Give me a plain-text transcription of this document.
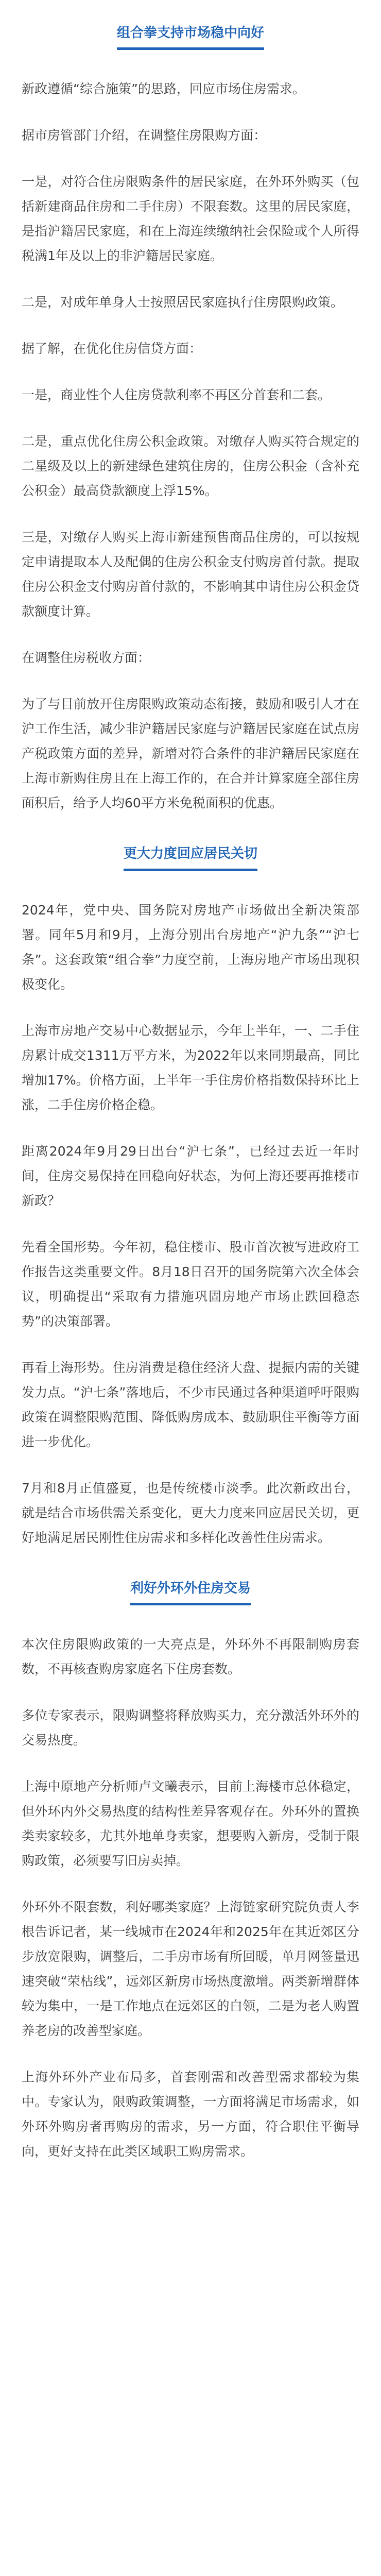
组合拳支持市场稳中向好

新政遵循“综合施策”的思路，回应市场住房需求。

据市房管部门介绍，在调整住房限购方面：

一是，对符合住房限购条件的居民家庭，在外环外购买（包括新建商品住房和二手住房）不限套数。这里的居民家庭，是指沪籍居民家庭，和在上海连续缴纳社会保险或个人所得税满1年及以上的非沪籍居民家庭。

二是，对成年单身人士按照居民家庭执行住房限购政策。

据了解，在优化住房信贷方面：

一是，商业性个人住房贷款利率不再区分首套和二套。

二是，重点优化住房公积金政策。对缴存人购买符合规定的二星级及以上的新建绿色建筑住房的，住房公积金（含补充公积金）最高贷款额度上浮15%。

三是，对缴存人购买上海市新建预售商品住房的，可以按规定申请提取本人及配偶的住房公积金支付购房首付款。提取住房公积金支付购房首付款的，不影响其申请住房公积金贷款额度计算。

在调整住房税收方面：

为了与目前放开住房限购政策动态衔接，鼓励和吸引人才在沪工作生活，减少非沪籍居民家庭与沪籍居民家庭在试点房产税政策方面的差异，新增对符合条件的非沪籍居民家庭在上海市新购住房且在上海工作的，在合并计算家庭全部住房面积后，给予人均60平方米免税面积的优惠。

更大力度回应居民关切

2024年，党中央、国务院对房地产市场做出全新决策部署。同年5月和9月，上海分别出台房地产“沪九条”“沪七条”。这套政策“组合拳”力度空前，上海房地产市场出现积极变化。

上海市房地产交易中心数据显示，今年上半年，一、二手住房累计成交1311万平方米，为2022年以来同期最高，同比增加17%。价格方面，上半年一手住房价格指数保持环比上涨，二手住房价格企稳。

距离2024年9月29日出台“沪七条”，已经过去近一年时间，住房交易保持在回稳向好状态，为何上海还要再推楼市新政？

先看全国形势。今年初，稳住楼市、股市首次被写进政府工作报告这类重要文件。8月18日召开的国务院第六次全体会议，明确提出“采取有力措施巩固房地产市场止跌回稳态势”的决策部署。

再看上海形势。住房消费是稳住经济大盘、提振内需的关键发力点。“沪七条”落地后，不少市民通过各种渠道呼吁限购政策在调整限购范围、降低购房成本、鼓励职住平衡等方面进一步优化。

7月和8月正值盛夏，也是传统楼市淡季。此次新政出台，就是结合市场供需关系变化，更大力度来回应居民关切，更好地满足居民刚性住房需求和多样化改善性住房需求。

利好外环外住房交易

本次住房限购政策的一大亮点是，外环外不再限制购房套数，不再核查购房家庭名下住房套数。

多位专家表示，限购调整将释放购买力，充分激活外环外的交易热度。

上海中原地产分析师卢文曦表示，目前上海楼市总体稳定，但外环内外交易热度的结构性差异客观存在。外环外的置换类卖家较多，尤其外地单身卖家，想要购入新房，受制于限购政策，必须要写旧房卖掉。

外环外不限套数，利好哪类家庭？上海链家研究院负责人李根告诉记者，某一线城市在2024年和2025年在其近郊区分步放宽限购，调整后，二手房市场有所回暖，单月网签量迅速突破“荣枯线”，远郊区新房市场热度激增。两类新增群体较为集中，一是工作地点在远郊区的白领，二是为老人购置养老房的改善型家庭。

上海外环外产业布局多，首套刚需和改善型需求都较为集中。专家认为，限购政策调整，一方面将满足市场需求，如外环外购房者再购房的需求，另一方面，符合职住平衡导向，更好支持在此类区域职工购房需求。
